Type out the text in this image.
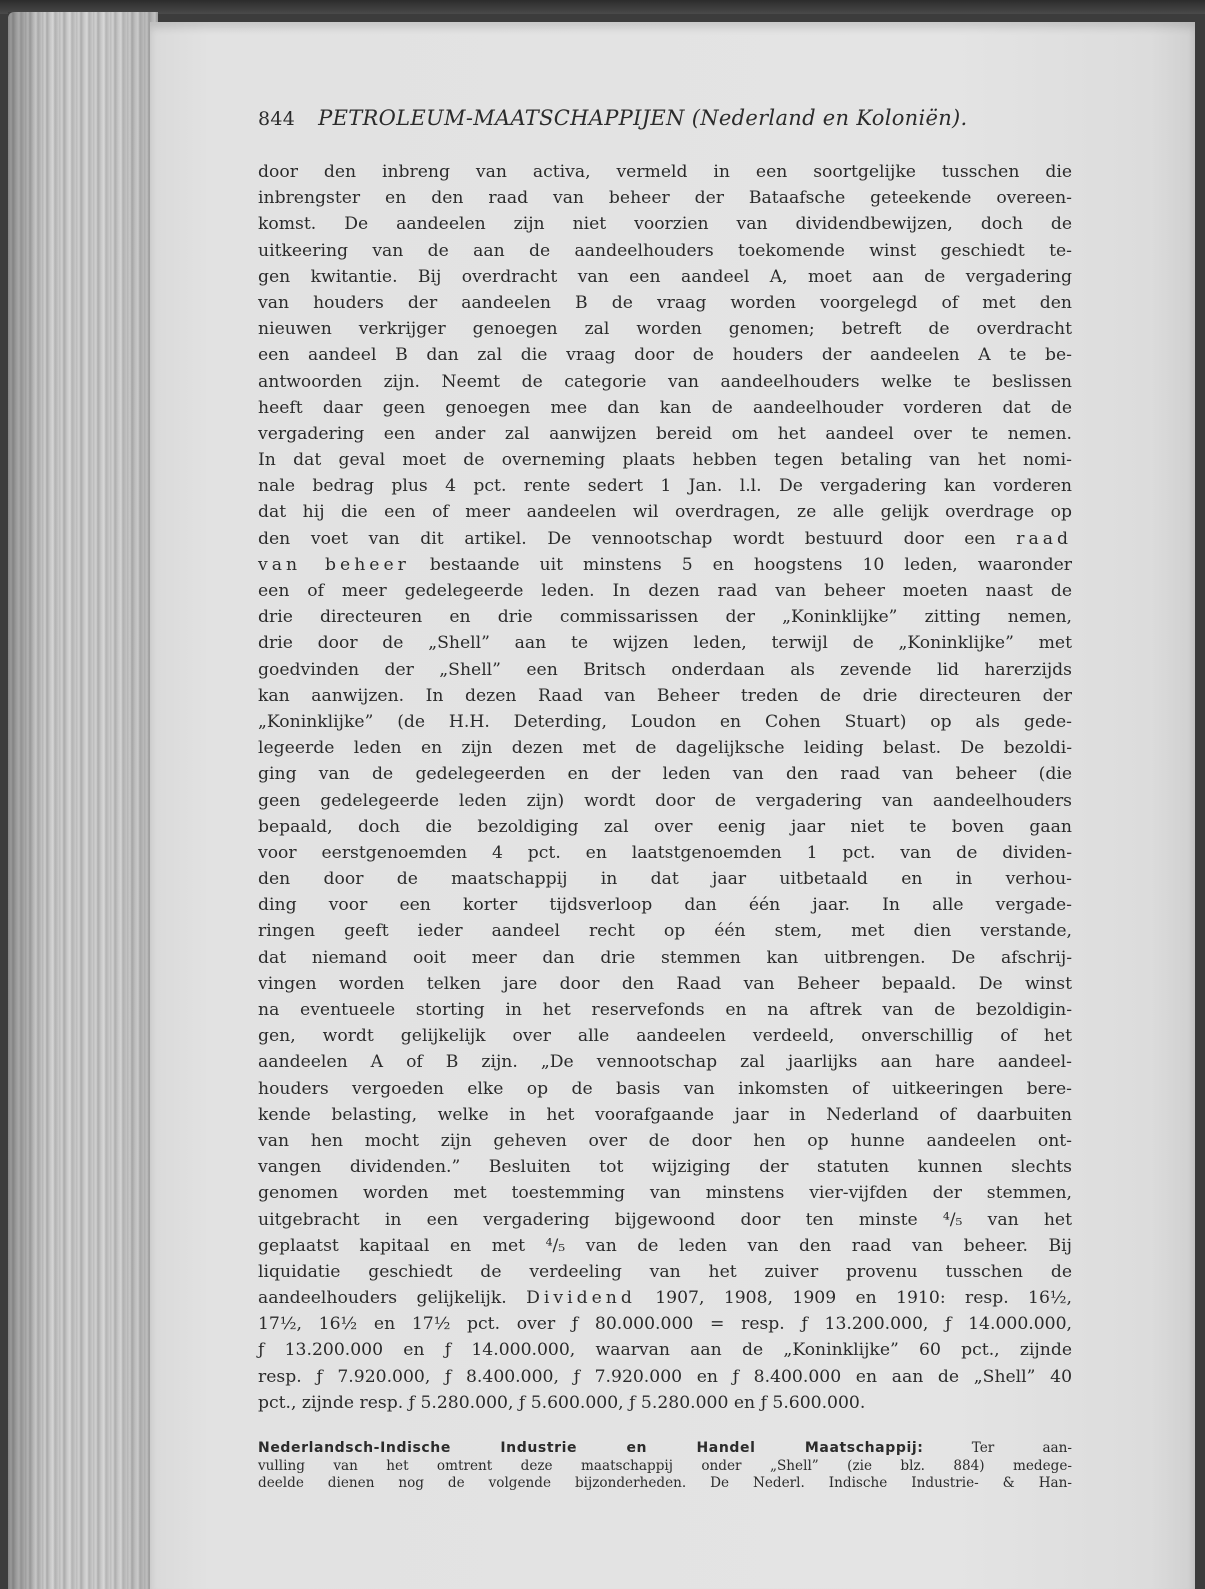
844 PETROLEUM-MAATSCHAPPIJEN (Nederland en Koloniën).
door den inbreng van activa, vermeld in een soortgelijke tusschen die
inbrengster en den raad van beheer der Bataafsche geteekende overeen-
komst. De aandeelen zijn niet voorzien van dividendbewijzen, doch de
uitkeering van de aan de aandeelhouders toekomende winst geschiedt te-
gen kwitantie. Bij overdracht van een aandeel A, moet aan de vergadering
van houders der aandeelen B de vraag worden voorgelegd of met den
nieuwen verkrijger genoegen zal worden genomen; betreft de overdracht
een aandeel B dan zal die vraag door de houders der aandeelen A te be-
antwoorden zijn. Neemt de categorie van aandeelhouders welke te beslissen
heeft daar geen genoegen mee dan kan de aandeelhouder vorderen dat de
vergadering een ander zal aanwijzen bereid om het aandeel over te nemen.
In dat geval moet de overneming plaats hebben tegen betaling van het nomi-
nale bedrag plus 4 pct. rente sedert 1 Jan. l.l. De vergadering kan vorderen
dat hij die een of meer aandeelen wil overdragen, ze alle gelijk overdrage op
den voet van dit artikel. De vennootschap wordt bestuurd door een raad
van beheer bestaande uit minstens 5 en hoogstens 10 leden, waaronder
een of meer gedelegeerde leden. In dezen raad van beheer moeten naast de
drie directeuren en drie commissarissen der „Koninklijke” zitting nemen,
drie door de „Shell” aan te wijzen leden, terwijl de „Koninklijke” met
goedvinden der „Shell” een Britsch onderdaan als zevende lid harerzijds
kan aanwijzen. In dezen Raad van Beheer treden de drie directeuren der
„Koninklijke” (de H.H. Deterding, Loudon en Cohen Stuart) op als gede-
legeerde leden en zijn dezen met de dagelijksche leiding belast. De bezoldi-
ging van de gedelegeerden en der leden van den raad van beheer (die
geen gedelegeerde leden zijn) wordt door de vergadering van aandeelhouders
bepaald, doch die bezoldiging zal over eenig jaar niet te boven gaan
voor eerstgenoemden 4 pct. en laatstgenoemden 1 pct. van de dividen-
den door de maatschappij in dat jaar uitbetaald en in verhou-
ding voor een korter tijdsverloop dan één jaar. In alle vergade-
ringen geeft ieder aandeel recht op één stem, met dien verstande,
dat niemand ooit meer dan drie stemmen kan uitbrengen. De afschrij-
vingen worden telken jare door den Raad van Beheer bepaald. De winst
na eventueele storting in het reservefonds en na aftrek van de bezoldigin-
gen, wordt gelijkelijk over alle aandeelen verdeeld, onverschillig of het
aandeelen A of B zijn. „De vennootschap zal jaarlijks aan hare aandeel-
houders vergoeden elke op de basis van inkomsten of uitkeeringen bere-
kende belasting, welke in het voorafgaande jaar in Nederland of daarbuiten
van hen mocht zijn geheven over de door hen op hunne aandeelen ont-
vangen dividenden.” Besluiten tot wijziging der statuten kunnen slechts
genomen worden met toestemming van minstens vier-vijfden der stemmen,
uitgebracht in een vergadering bijgewoond door ten minste ⁴/₅ van het
geplaatst kapitaal en met ⁴/₅ van de leden van den raad van beheer. Bij
liquidatie geschiedt de verdeeling van het zuiver provenu tusschen de
aandeelhouders gelijkelijk. Dividend 1907, 1908, 1909 en 1910: resp. 16½,
17½, 16½ en 17½ pct. over ƒ 80.000.000 = resp. ƒ 13.200.000, ƒ 14.000.000,
ƒ 13.200.000 en ƒ 14.000.000, waarvan aan de „Koninklijke” 60 pct., zijnde
resp. ƒ 7.920.000, ƒ 8.400.000, ƒ 7.920.000 en ƒ 8.400.000 en aan de „Shell” 40
pct., zijnde resp. ƒ 5.280.000, ƒ 5.600.000, ƒ 5.280.000 en ƒ 5.600.000.
Nederlandsch-Indische Industrie en Handel Maatschappij:	Ter aan-
vulling van het omtrent deze maatschappij onder „Shell” (zie blz. 884) medege-
deelde dienen nog de volgende bijzonderheden. De Nederl. Indische Industrie- & Han-
